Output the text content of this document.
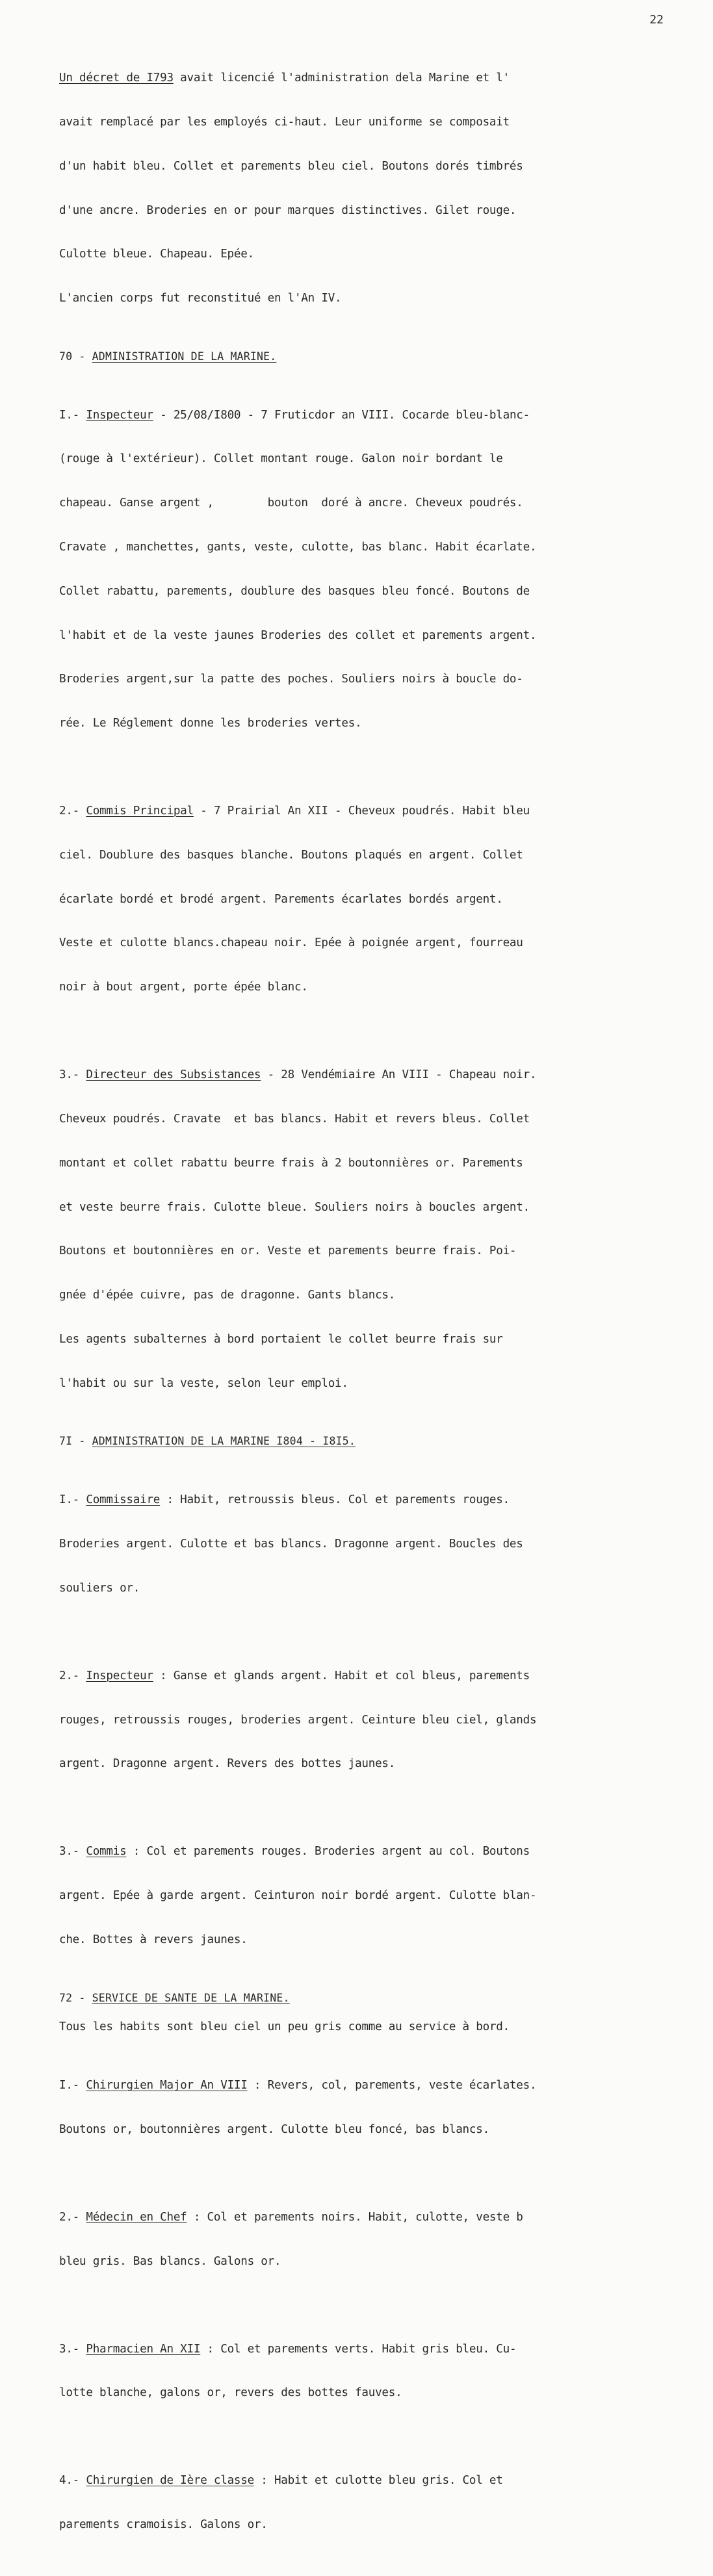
22

Un décret de I793 avait licencié l'administration dela Marine et l'

avait remplacé par les employés ci-haut. Leur uniforme se composait

d'un habit bleu. Collet et parements bleu ciel. Boutons dorés timbrés

d'une ancre. Broderies en or pour marques distinctives. Gilet rouge.

Culotte bleue. Chapeau. Epée.

L'ancien corps fut reconstitué en l'An IV.

70 - ADMINISTRATION DE LA MARINE.

I.- Inspecteur - 25/08/I800 - 7 Fruticdor an VIII. Cocarde bleu-blanc-

(rouge à l'extérieur). Collet montant rouge. Galon noir bordant le

chapeau. Ganse argent ,        bouton  doré à ancre. Cheveux poudrés.

Cravate , manchettes, gants, veste, culotte, bas blanc. Habit écarlate.

Collet rabattu, parements, doublure des basques bleu foncé. Boutons de

l'habit et de la veste jaunes Broderies des collet et parements argent.

Broderies argent,sur la patte des poches. Souliers noirs à boucle do-

rée. Le Réglement donne les broderies vertes.

2.- Commis Principal - 7 Prairial An XII - Cheveux poudrés. Habit bleu

ciel. Doublure des basques blanche. Boutons plaqués en argent. Collet

écarlate bordé et brodé argent. Parements écarlates bordés argent.

Veste et culotte blancs.chapeau noir. Epée à poignée argent, fourreau

noir à bout argent, porte épée blanc.

3.- Directeur des Subsistances - 28 Vendémiaire An VIII - Chapeau noir.

Cheveux poudrés. Cravate  et bas blancs. Habit et revers bleus. Collet

montant et collet rabattu beurre frais à 2 boutonnières or. Parements

et veste beurre frais. Culotte bleue. Souliers noirs à boucles argent.

Boutons et boutonnières en or. Veste et parements beurre frais. Poi-

gnée d'épée cuivre, pas de dragonne. Gants blancs.

Les agents subalternes à bord portaient le collet beurre frais sur

l'habit ou sur la veste, selon leur emploi.

7I - ADMINISTRATION DE LA MARINE I804 - I8I5.

I.- Commissaire : Habit, retroussis bleus. Col et parements rouges.

Broderies argent. Culotte et bas blancs. Dragonne argent. Boucles des

souliers or.

2.- Inspecteur : Ganse et glands argent. Habit et col bleus, parements

rouges, retroussis rouges, broderies argent. Ceinture bleu ciel, glands

argent. Dragonne argent. Revers des bottes jaunes.

3.- Commis : Col et parements rouges. Broderies argent au col. Boutons

argent. Epée à garde argent. Ceinturon noir bordé argent. Culotte blan-

che. Bottes à revers jaunes.

72 - SERVICE DE SANTE DE LA MARINE.
Tous les habits sont bleu ciel un peu gris comme au service à bord.

I.- Chirurgien Major An VIII : Revers, col, parements, veste écarlates.

Boutons or, boutonnières argent. Culotte bleu foncé, bas blancs.

2.- Médecin en Chef : Col et parements noirs. Habit, culotte, veste b

bleu gris. Bas blancs. Galons or.

3.- Pharmacien An XII : Col et parements verts. Habit gris bleu. Cu-

lotte blanche, galons or, revers des bottes fauves.

4.- Chirurgien de Ière classe : Habit et culotte bleu gris. Col et

parements cramoisis. Galons or.
